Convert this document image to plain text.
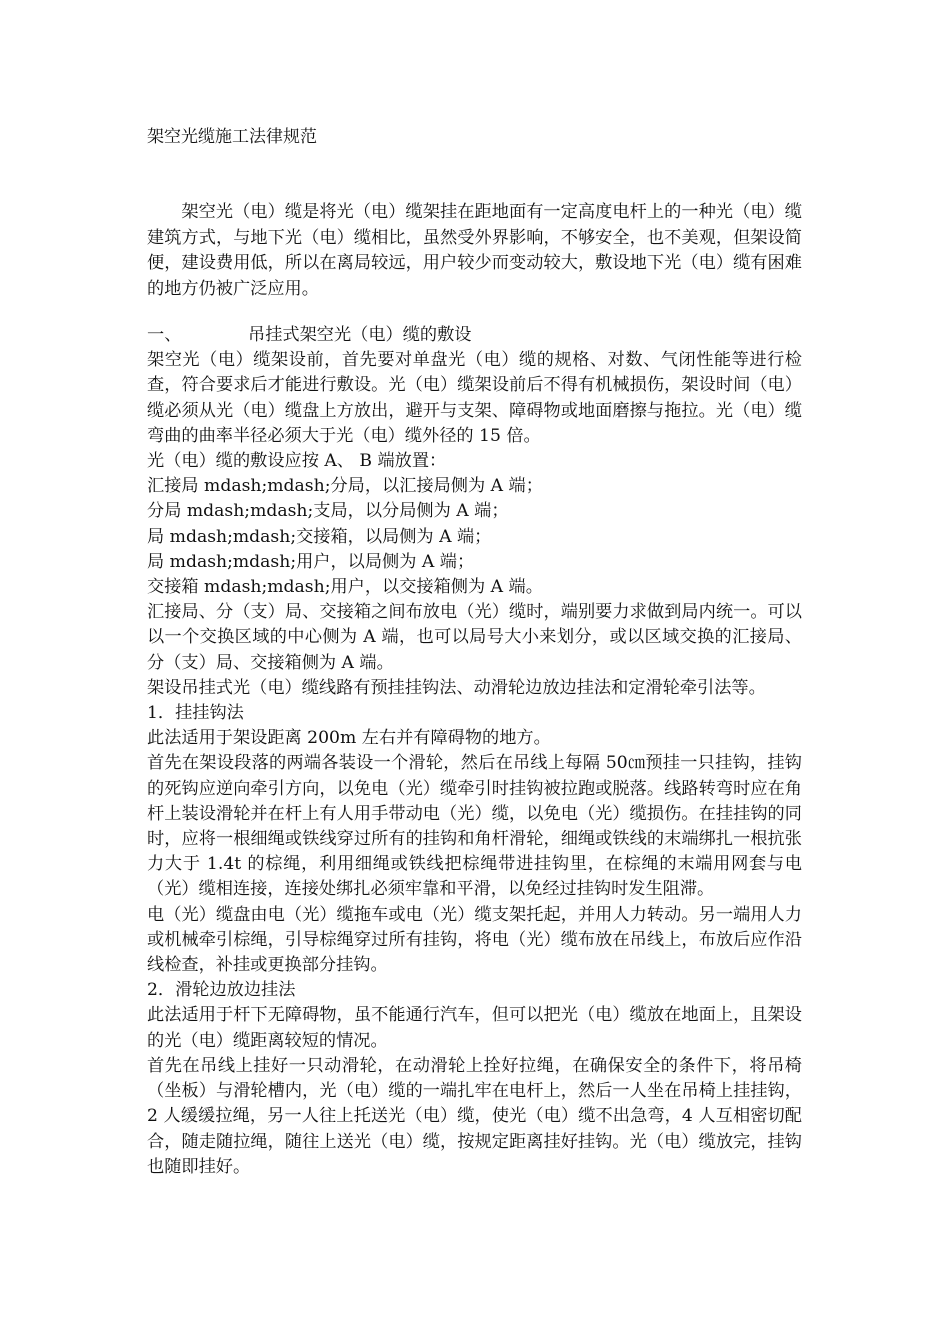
架空光缆施工法律规范

架空光（电）缆是将光（电）缆架挂在距地面有一定高度电杆上的一种光（电）缆建筑方式，与地下光（电）缆相比，虽然受外界影响，不够安全，也不美观，但架设简便，建设费用低，所以在离局较远，用户较少而变动较大，敷设地下光（电）缆有困难的地方仍被广泛应用。

一、	吊挂式架空光（电）缆的敷设

架空光（电）缆架设前，首先要对单盘光（电）缆的规格、对数、气闭性能等进行检查，符合要求后才能进行敷设。光（电）缆架设前后不得有机械损伤，架设时间（电）缆必须从光（电）缆盘上方放出，避开与支架、障碍物或地面磨擦与拖拉。光（电）缆弯曲的曲率半径必须大于光（电）缆外径的 15 倍。

光（电）缆的敷设应按 A、 B 端放置：

汇接局 mdash;mdash;分局，以汇接局侧为 A 端；

分局 mdash;mdash;支局，以分局侧为 A 端；

局 mdash;mdash;交接箱，以局侧为 A 端；

局 mdash;mdash;用户，以局侧为 A 端；

交接箱 mdash;mdash;用户，以交接箱侧为 A 端。

汇接局、分（支）局、交接箱之间布放电（光）缆时，端别要力求做到局内统一。可以以一个交换区域的中心侧为 A 端，也可以局号大小来划分，或以区域交换的汇接局、分（支）局、交接箱侧为 A 端。

架设吊挂式光（电）缆线路有预挂挂钩法、动滑轮边放边挂法和定滑轮牵引法等。

1．挂挂钩法

此法适用于架设距离 200m 左右并有障碍物的地方。

首先在架设段落的两端各装设一个滑轮，然后在吊线上每隔 50㎝预挂一只挂钩，挂钩的死钩应逆向牵引方向，以免电（光）缆牵引时挂钩被拉跑或脱落。线路转弯时应在角杆上装设滑轮并在杆上有人用手带动电（光）缆，以免电（光）缆损伤。在挂挂钩的同时，应将一根细绳或铁线穿过所有的挂钩和角杆滑轮，细绳或铁线的末端绑扎一根抗张力大于 1.4t 的棕绳，利用细绳或铁线把棕绳带进挂钩里，在棕绳的末端用网套与电（光）缆相连接，连接处绑扎必须牢靠和平滑，以免经过挂钩时发生阻滞。

电（光）缆盘由电（光）缆拖车或电（光）缆支架托起，并用人力转动。另一端用人力或机械牵引棕绳，引导棕绳穿过所有挂钩，将电（光）缆布放在吊线上，布放后应作沿线检查，补挂或更换部分挂钩。

2．滑轮边放边挂法

此法适用于杆下无障碍物，虽不能通行汽车，但可以把光（电）缆放在地面上，且架设的光（电）缆距离较短的情况。

首先在吊线上挂好一只动滑轮，在动滑轮上拴好拉绳，在确保安全的条件下，将吊椅（坐板）与滑轮槽内，光（电）缆的一端扎牢在电杆上，然后一人坐在吊椅上挂挂钩，2 人缓缓拉绳，另一人往上托送光（电）缆，使光（电）缆不出急弯，4 人互相密切配合，随走随拉绳，随往上送光（电）缆，按规定距离挂好挂钩。光（电）缆放完，挂钩也随即挂好。
